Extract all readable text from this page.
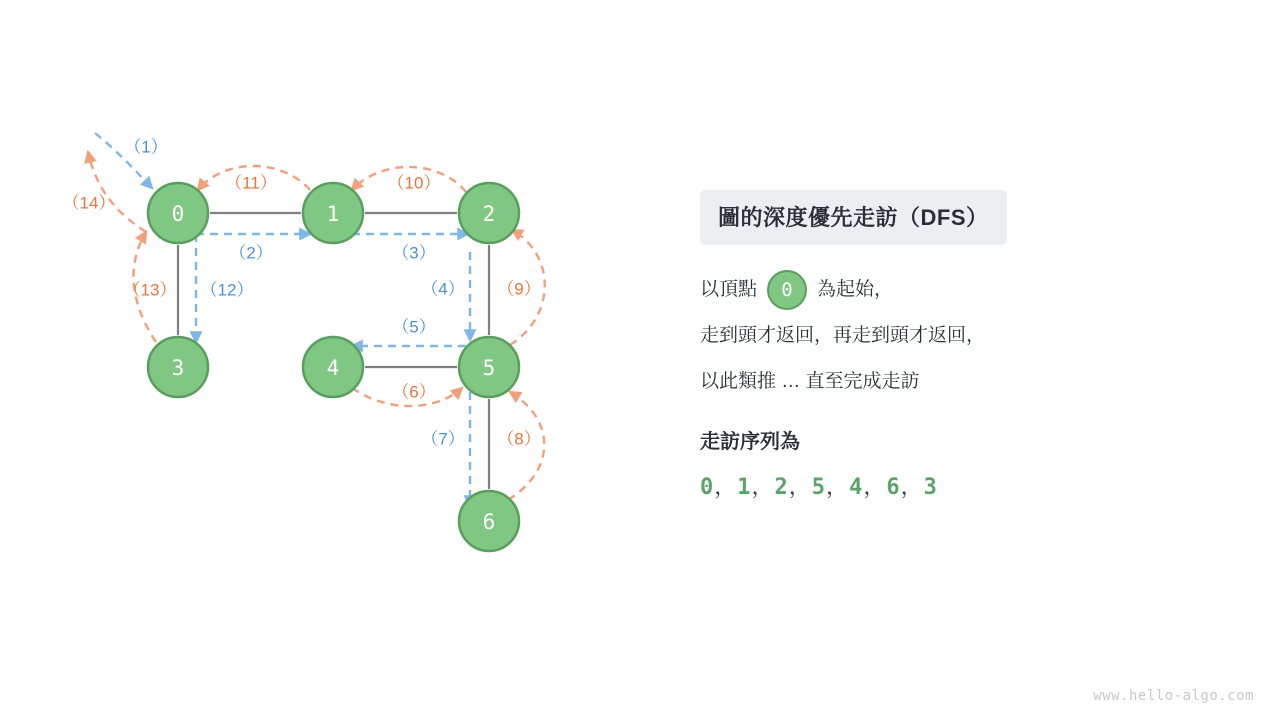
0	1	2
3	4	5
6
（1）
（2）	（3）
（4）
（5）
（6）
（7） （8）
（9）
（10）
（11）
（12）
（13）
（14）
圖的深度優先走訪（DFS）
以頂點	0	為起始，
走到頭才返回，再走到頭才返回，
以此類推 … 直至完成走訪
走訪序列為
0，1，2，5，4，6，3
www.hello-algo.com
